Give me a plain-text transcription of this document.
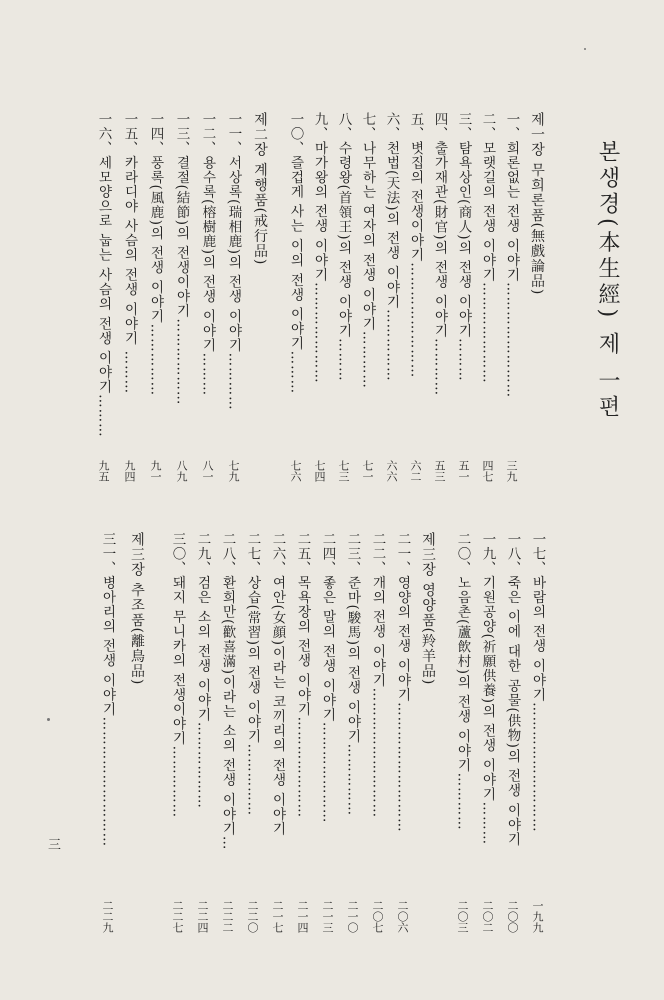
본생경(本生經) 제 一편
제一장 무희론품(無戲論品)
一、희론없는 전생 이야기……………………
二、모랫길의 전생 이야기…………………
三、탐욕상인(商人)의 전생 이야기………
四、출가재관(財官)의 전생 이야기…………
五、볏집의 전생이야기……………………
六、천법(天法)의 전생 이야기……………
七、나무하는 여자의 전생 이야기…………
八、수령왕(首領王)의 전생 이야기………
九、마가왕의 전생 이야기…………………
一〇、즐겁게 사는 이의 전생 이야기………
제二장 계행품(戒行品)
一一、서상록(瑞相鹿)의 전생 이야기…………
一二、용수록(榕樹鹿)의 전생 이야기………
一三、결절(結節)의 전생이야기………………
一四、풍록(風鹿)의 전생 이야기……………
一五、카라디야 사슴의 전생 이야기 ………
一六、세모양으로 눕는 사슴의 전생 이야기………
三九
四七
五一
五三
六二
六六
七一
七三
七四
七六
七九
八一
八九
九一
九四
九五
一七、바람의 전생 이야기………………………
一八、죽은 이에 대한 공물(供物)의 전생 이야기
一九、기원공양(祈願供養)의 전생 이야기………
二〇、노음촌(蘆飲村)의 전생 이야기…………
제三장 영양품(羚羊品)
二一、영양의 전생 이야기………………………
二二、개의 전생 이야기………………………
二三、준마(駿馬)의 전생 이야기……………
二四、좋은 말의 전생 이야기…………………
二五、목욕장의 전생 이야기…………………
二六、여안(女顔)이라는 코끼리의 전생 이야기
二七、상습(常習)의 전생 이야기……………
二八、환희만(歡喜滿)이라는 소의 전생 이야기…
二九、검은 소의 전생 이야기………………
三〇、돼지 무니카의 전생이야기……………
제三장 추조품(離鳥品)
三一、병아리의 전생 이야기………………………
一九九
二〇〇
二〇二
二〇三
二〇六
二〇七
二一〇
二一三
二一四
二一七
二二〇
二二二
二二四
二二七
二二九
三
